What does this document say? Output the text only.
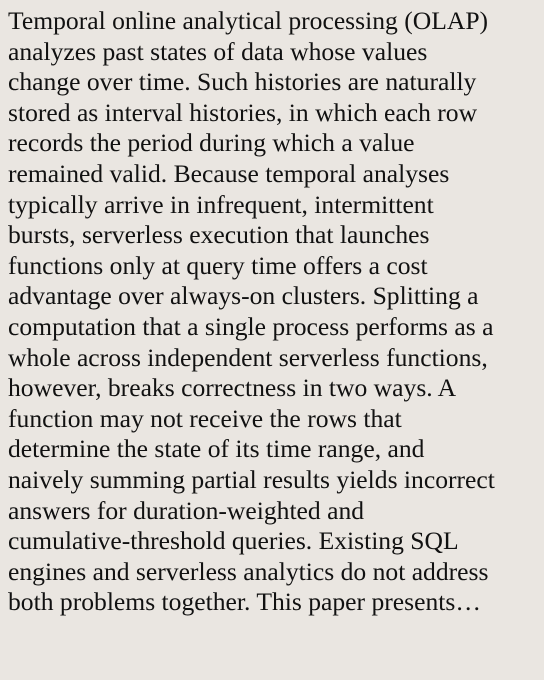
Temporal online analytical processing (OLAP)
analyzes past states of data whose values
change over time. Such histories are naturally
stored as interval histories, in which each row
records the period during which a value
remained valid. Because temporal analyses
typically arrive in infrequent, intermittent
bursts, serverless execution that launches
functions only at query time offers a cost
advantage over always-on clusters. Splitting a
computation that a single process performs as a
whole across independent serverless functions,
however, breaks correctness in two ways. A
function may not receive the rows that
determine the state of its time range, and
naively summing partial results yields incorrect
answers for duration-weighted and
cumulative-threshold queries. Existing SQL
engines and serverless analytics do not address
both problems together. This paper presents…
